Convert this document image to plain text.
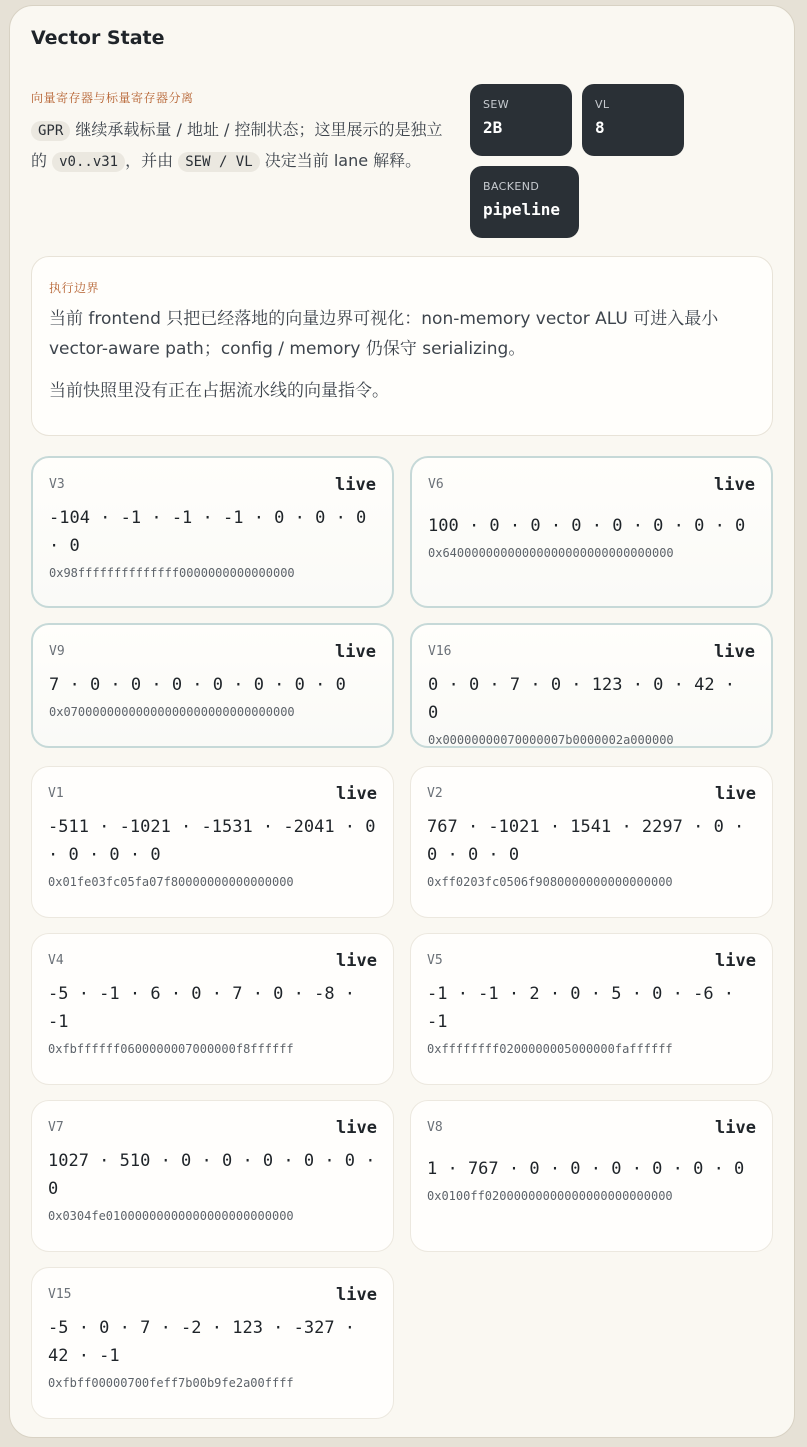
Vector State
向量寄存器与标量寄存器分离
GPR 继续承载标量 / 地址 / 控制状态；这里展示的是独立的 v0..v31 ，并由 SEW / VL 决定当前 lane 解释。
SEW
2B
VL
8
BACKEND
pipeline
执行边界
当前 frontend 只把已经落地的向量边界可视化：non-memory vector ALU 可进入最小 vector-aware path；config / memory 仍保守 serializing。
当前快照里没有正在占据流水线的向量指令。
V3	live
-104 · -1 · -1 · -1 · 0 · 0 · 0 · 0
0x98ffffffffffffff0000000000000000
V6	live
100 · 0 · 0 · 0 · 0 · 0 · 0 · 0
0x64000000000000000000000000000000
V9	live
7 · 0 · 0 · 0 · 0 · 0 · 0 · 0
0x07000000000000000000000000000000
V16	live
0 · 0 · 7 · 0 · 123 · 0 · 42 · 0
0x00000000070000007b0000002a000000
V1	live
-511 · -1021 · -1531 · -2041 · 0 · 0 · 0 · 0
0x01fe03fc05fa07f80000000000000000
V2	live
767 · -1021 · 1541 · 2297 · 0 · 0 · 0 · 0
0xff0203fc0506f9080000000000000000
V4	live
-5 · -1 · 6 · 0 · 7 · 0 · -8 · -1
0xfbffffff0600000007000000f8ffffff
V5	live
-1 · -1 · 2 · 0 · 5 · 0 · -6 · -1
0xffffffff0200000005000000faffffff
V7	live
1027 · 510 · 0 · 0 · 0 · 0 · 0 · 0
0x0304fe01000000000000000000000000
V8	live
1 · 767 · 0 · 0 · 0 · 0 · 0 · 0
0x0100ff02000000000000000000000000
V15	live
-5 · 0 · 7 · -2 · 123 · -327 · 42 · -1
0xfbff00000700feff7b00b9fe2a00ffff
